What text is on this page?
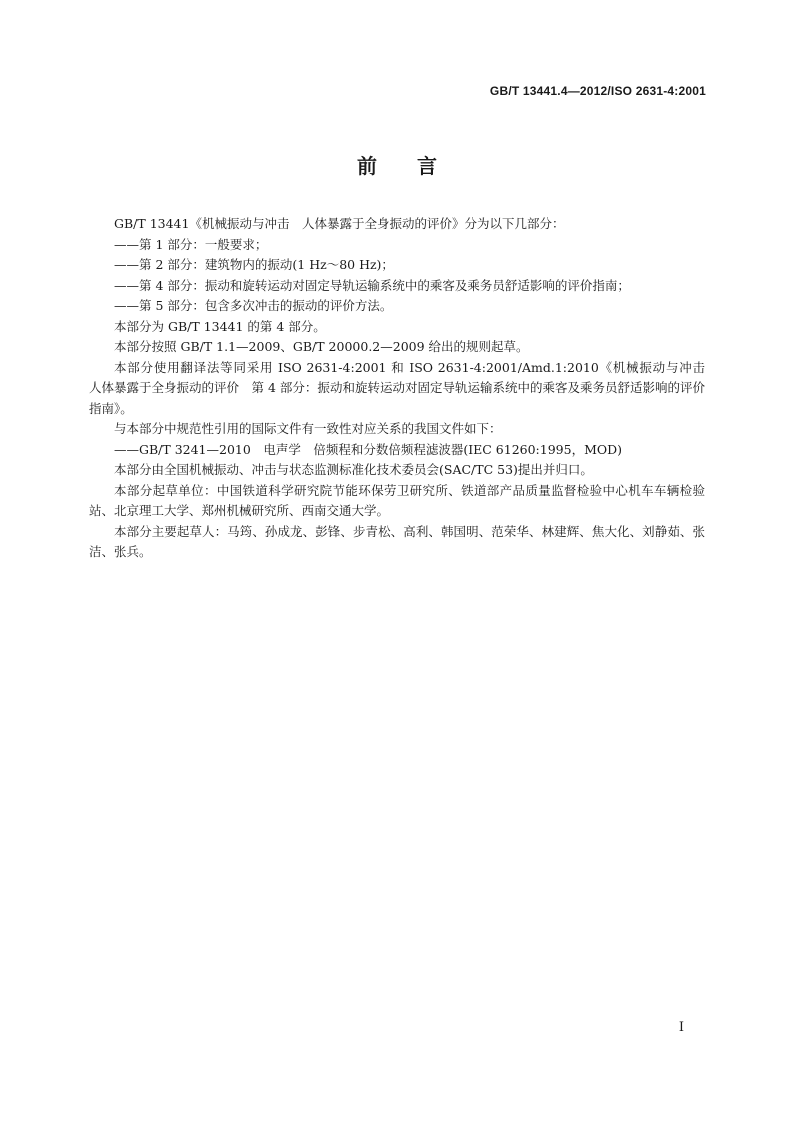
GB/T 13441.4—2012/ISO 2631-4:2001
前言

GB/T 13441《机械振动与冲击　人体暴露于全身振动的评价》分为以下几部分：

——第 1 部分：一般要求；

——第 2 部分：建筑物内的振动(1 Hz～80 Hz)；

——第 4 部分：振动和旋转运动对固定导轨运输系统中的乘客及乘务员舒适影响的评价指南；

——第 5 部分：包含多次冲击的振动的评价方法。

本部分为 GB/T 13441 的第 4 部分。

本部分按照 GB/T 1.1—2009、GB/T 20000.2—2009 给出的规则起草。

本部分使用翻译法等同采用 ISO 2631-4:2001 和 ISO 2631-4:2001/Amd.1:2010《机械振动与冲击　人体暴露于全身振动的评价　第 4 部分：振动和旋转运动对固定导轨运输系统中的乘客及乘务员舒适影响的评价指南》。

与本部分中规范性引用的国际文件有一致性对应关系的我国文件如下：

——GB/T 3241—2010　电声学　倍频程和分数倍频程滤波器(IEC 61260:1995，MOD)

本部分由全国机械振动、冲击与状态监测标准化技术委员会(SAC/TC 53)提出并归口。

本部分起草单位：中国铁道科学研究院节能环保劳卫研究所、铁道部产品质量监督检验中心机车车辆检验站、北京理工大学、郑州机械研究所、西南交通大学。

本部分主要起草人：马筠、孙成龙、彭锋、步青松、高利、韩国明、范荣华、林建辉、焦大化、刘静茹、张洁、张兵。

I
